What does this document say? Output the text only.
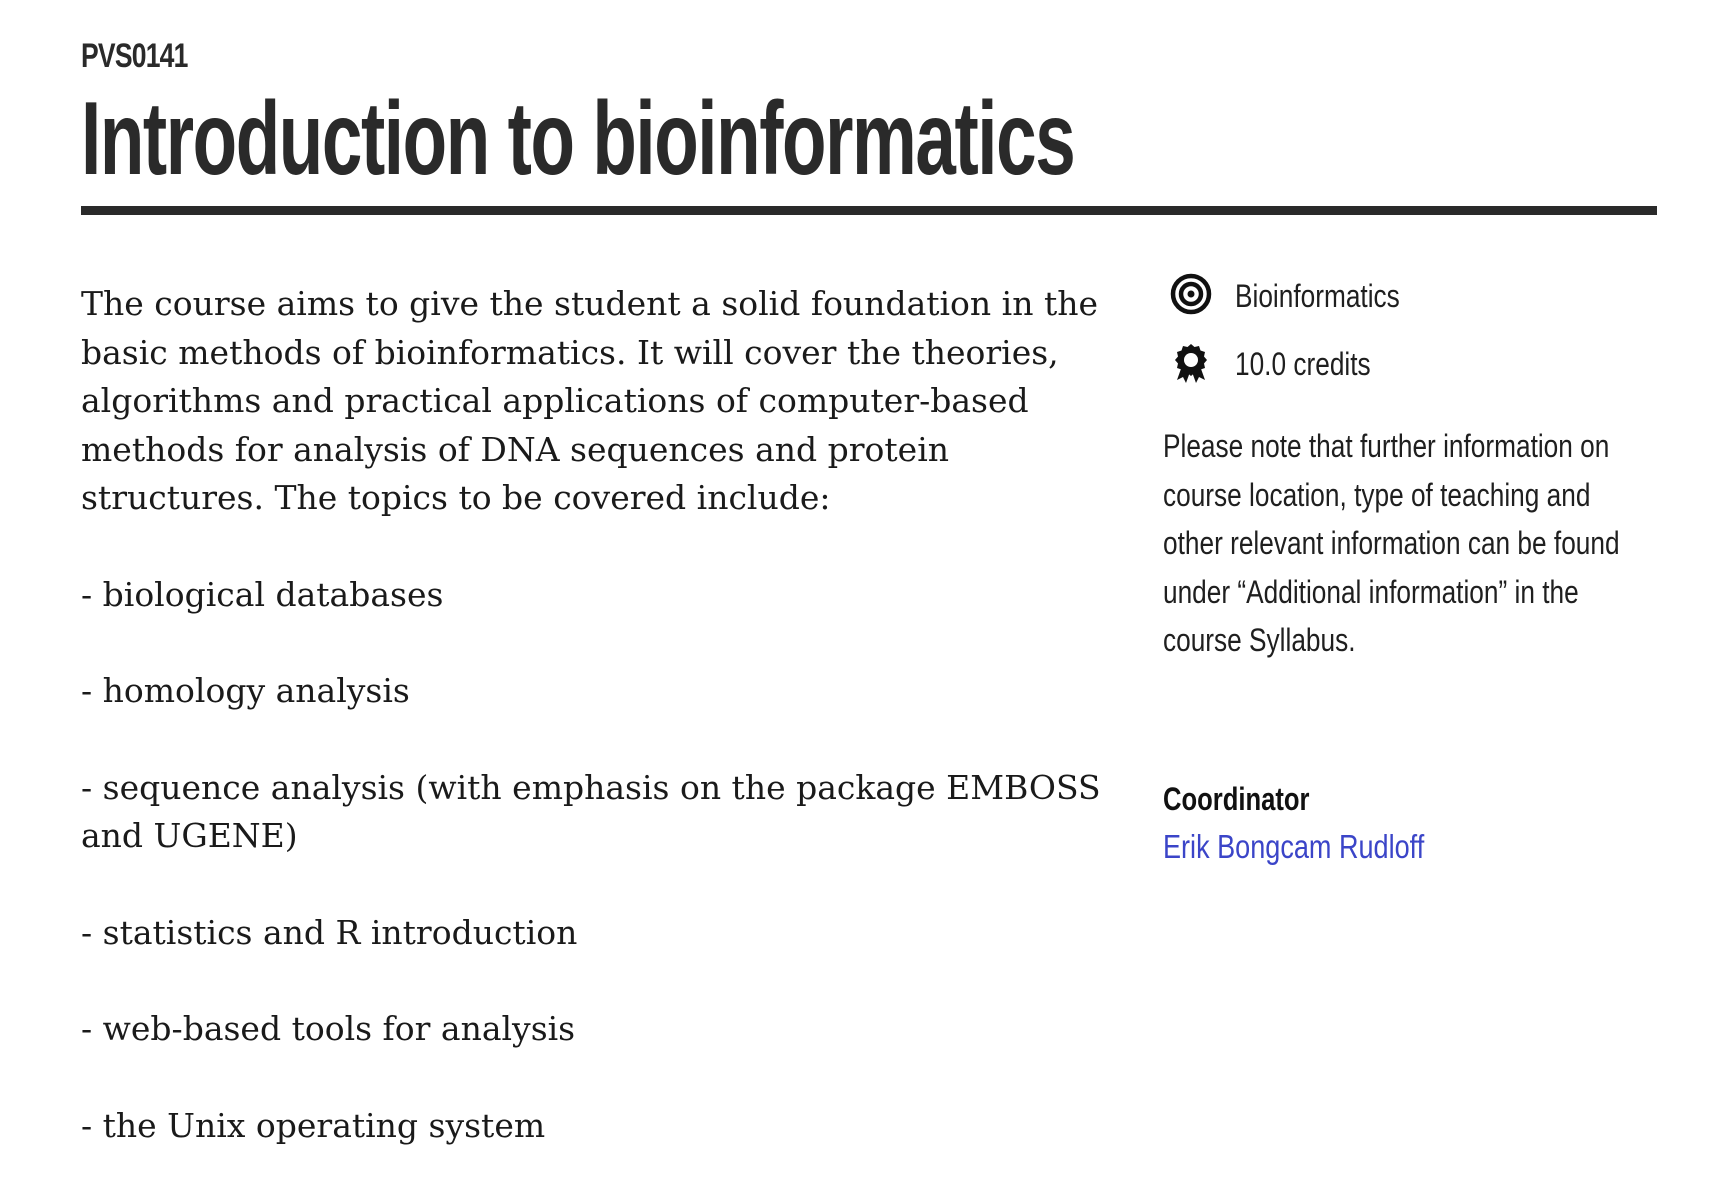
PVS0141
Introduction to bioinformatics

The course aims to give the student a solid foundation in the basic methods of bioinformatics. It will cover the theories, algorithms and practical applications of computer-based methods for analysis of DNA sequences and protein structures. The topics to be covered include:

- biological databases

- homology analysis

- sequence analysis (with emphasis on the package EMBOSS and UGENE)

- statistics and R introduction

- web-based tools for analysis

- the Unix operating system

Bioinformatics
10.0 credits
Please note that further information on course location, type of teaching and other relevant information can be found under “Additional information” in the course Syllabus.
Coordinator
Erik Bongcam Rudloff
